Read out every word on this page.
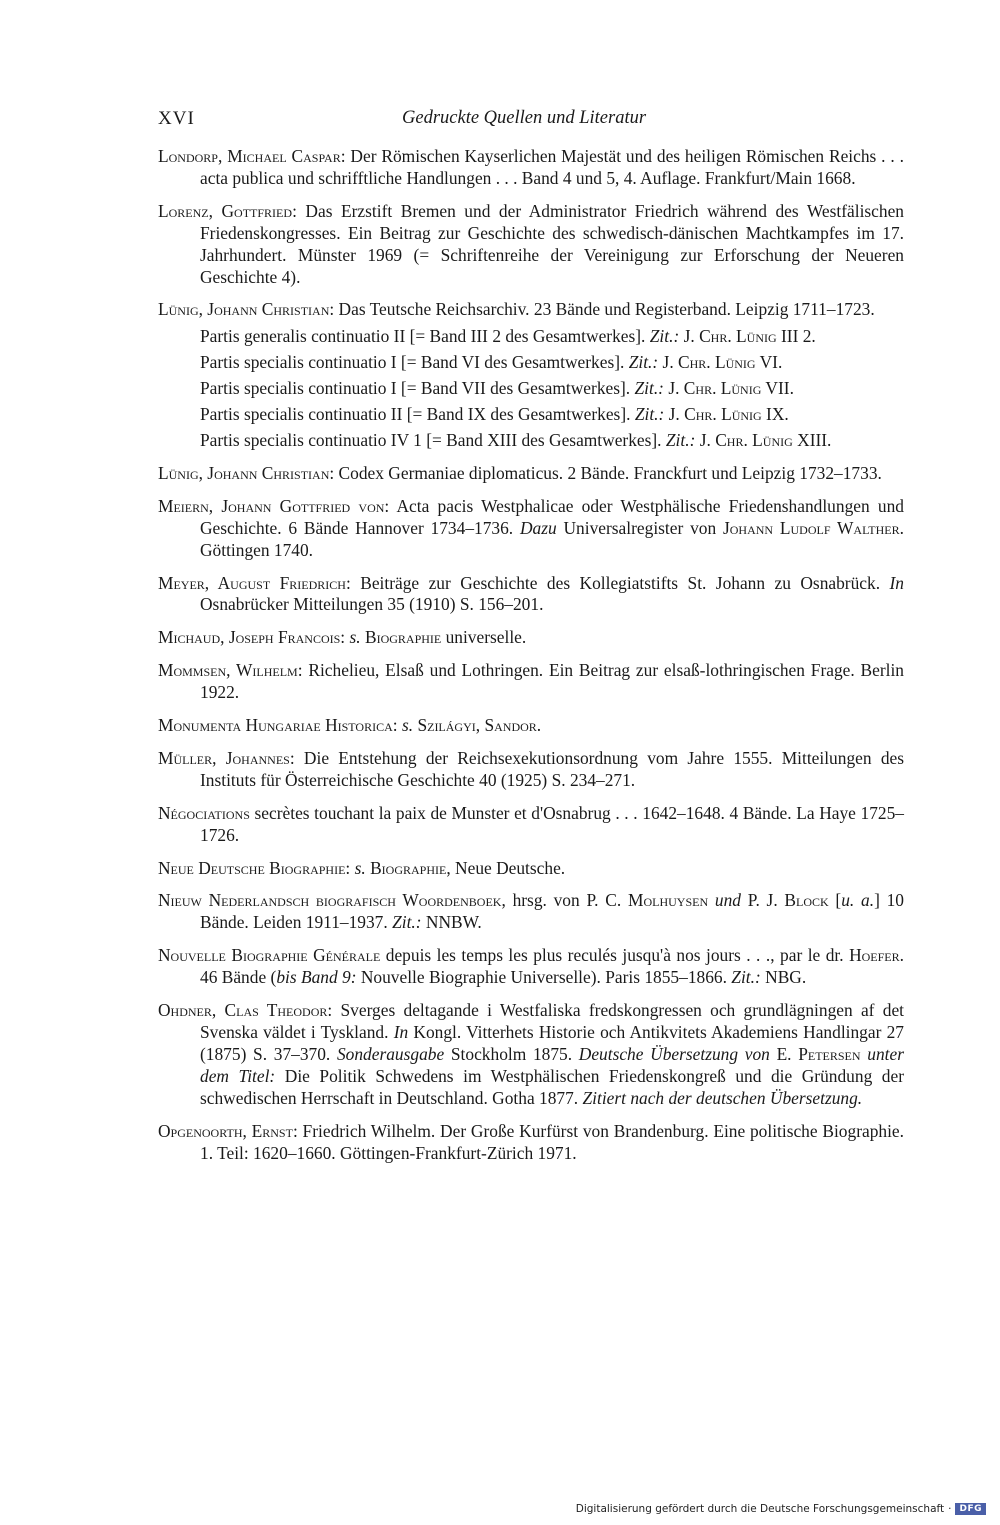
XVI	Gedruckte Quellen und Literatur

Londorp, Michael Caspar: Der Römischen Kayserlichen Majestät und des heiligen Römischen Reichs . . . acta publica und schrifftliche Handlungen . . . Band 4 und 5, 4. Auflage. Frankfurt/Main 1668.

Lorenz, Gottfried: Das Erzstift Bremen und der Administrator Friedrich während des Westfälischen Friedenskongresses. Ein Beitrag zur Geschichte des schwedisch-dänischen Machtkampfes im 17. Jahrhundert. Münster 1969 (= Schriftenreihe der Vereinigung zur Erforschung der Neueren Geschichte 4).

Lünig, Johann Christian: Das Teutsche Reichsarchiv. 23 Bände und Registerband. Leipzig 1711–1723.

Partis generalis continuatio II [= Band III 2 des Gesamtwerkes]. Zit.: J. Chr. Lünig III 2.

Partis specialis continuatio I [= Band VI des Gesamtwerkes]. Zit.: J. Chr. Lünig VI.

Partis specialis continuatio I [= Band VII des Gesamtwerkes]. Zit.: J. Chr. Lünig VII.

Partis specialis continuatio II [= Band IX des Gesamtwerkes]. Zit.: J. Chr. Lünig IX.

Partis specialis continuatio IV 1 [= Band XIII des Gesamtwerkes]. Zit.: J. Chr. Lünig XIII.

Lünig, Johann Christian: Codex Germaniae diplomaticus. 2 Bände. Franckfurt und Leipzig 1732–1733.

Meiern, Johann Gottfried von: Acta pacis Westphalicae oder Westphälische Friedenshandlungen und Geschichte. 6 Bände Hannover 1734–1736. Dazu Universalregister von Johann Ludolf Walther. Göttingen 1740.

Meyer, August Friedrich: Beiträge zur Geschichte des Kollegiatstifts St. Johann zu Osnabrück. In Osnabrücker Mitteilungen 35 (1910) S. 156–201.

Michaud, Joseph Francois: s. Biographie universelle.

Mommsen, Wilhelm: Richelieu, Elsaß und Lothringen. Ein Beitrag zur elsaß-lothringischen Frage. Berlin 1922.

Monumenta Hungariae Historica: s. Szilágyi, Sandor.

Müller, Johannes: Die Entstehung der Reichsexekutionsordnung vom Jahre 1555. Mitteilungen des Instituts für Österreichische Geschichte 40 (1925) S. 234–271.

Négociations secrètes touchant la paix de Munster et d'Osnabrug . . . 1642–1648. 4 Bände. La Haye 1725–1726.

Neue Deutsche Biographie: s. Biographie, Neue Deutsche.

Nieuw Nederlandsch biografisch Woordenboek, hrsg. von P. C. Molhuysen und P. J. Block [u. a.] 10 Bände. Leiden 1911–1937. Zit.: NNBW.

Nouvelle Biographie Générale depuis les temps les plus reculés jusqu'à nos jours . . ., par le dr. Hoefer. 46 Bände (bis Band 9: Nouvelle Biographie Universelle). Paris 1855–1866. Zit.: NBG.

Ohdner, Clas Theodor: Sverges deltagande i Westfaliska fredskongressen och grundlägningen af det Svenska väldet i Tyskland. In Kongl. Vitterhets Historie och Antikvitets Akademiens Handlingar 27 (1875) S. 37–370. Sonderausgabe Stockholm 1875. Deutsche Übersetzung von E. Petersen unter dem Titel: Die Politik Schwedens im Westphälischen Friedenskongreß und die Gründung der schwedischen Herrschaft in Deutschland. Gotha 1877. Zitiert nach der deutschen Übersetzung.

Opgenoorth, Ernst: Friedrich Wilhelm. Der Große Kurfürst von Brandenburg. Eine politische Biographie. 1. Teil: 1620–1660. Göttingen-Frankfurt-Zürich 1971.

Digitalisierung gefördert durch die Deutsche Forschungsgemeinschaft · DFG
